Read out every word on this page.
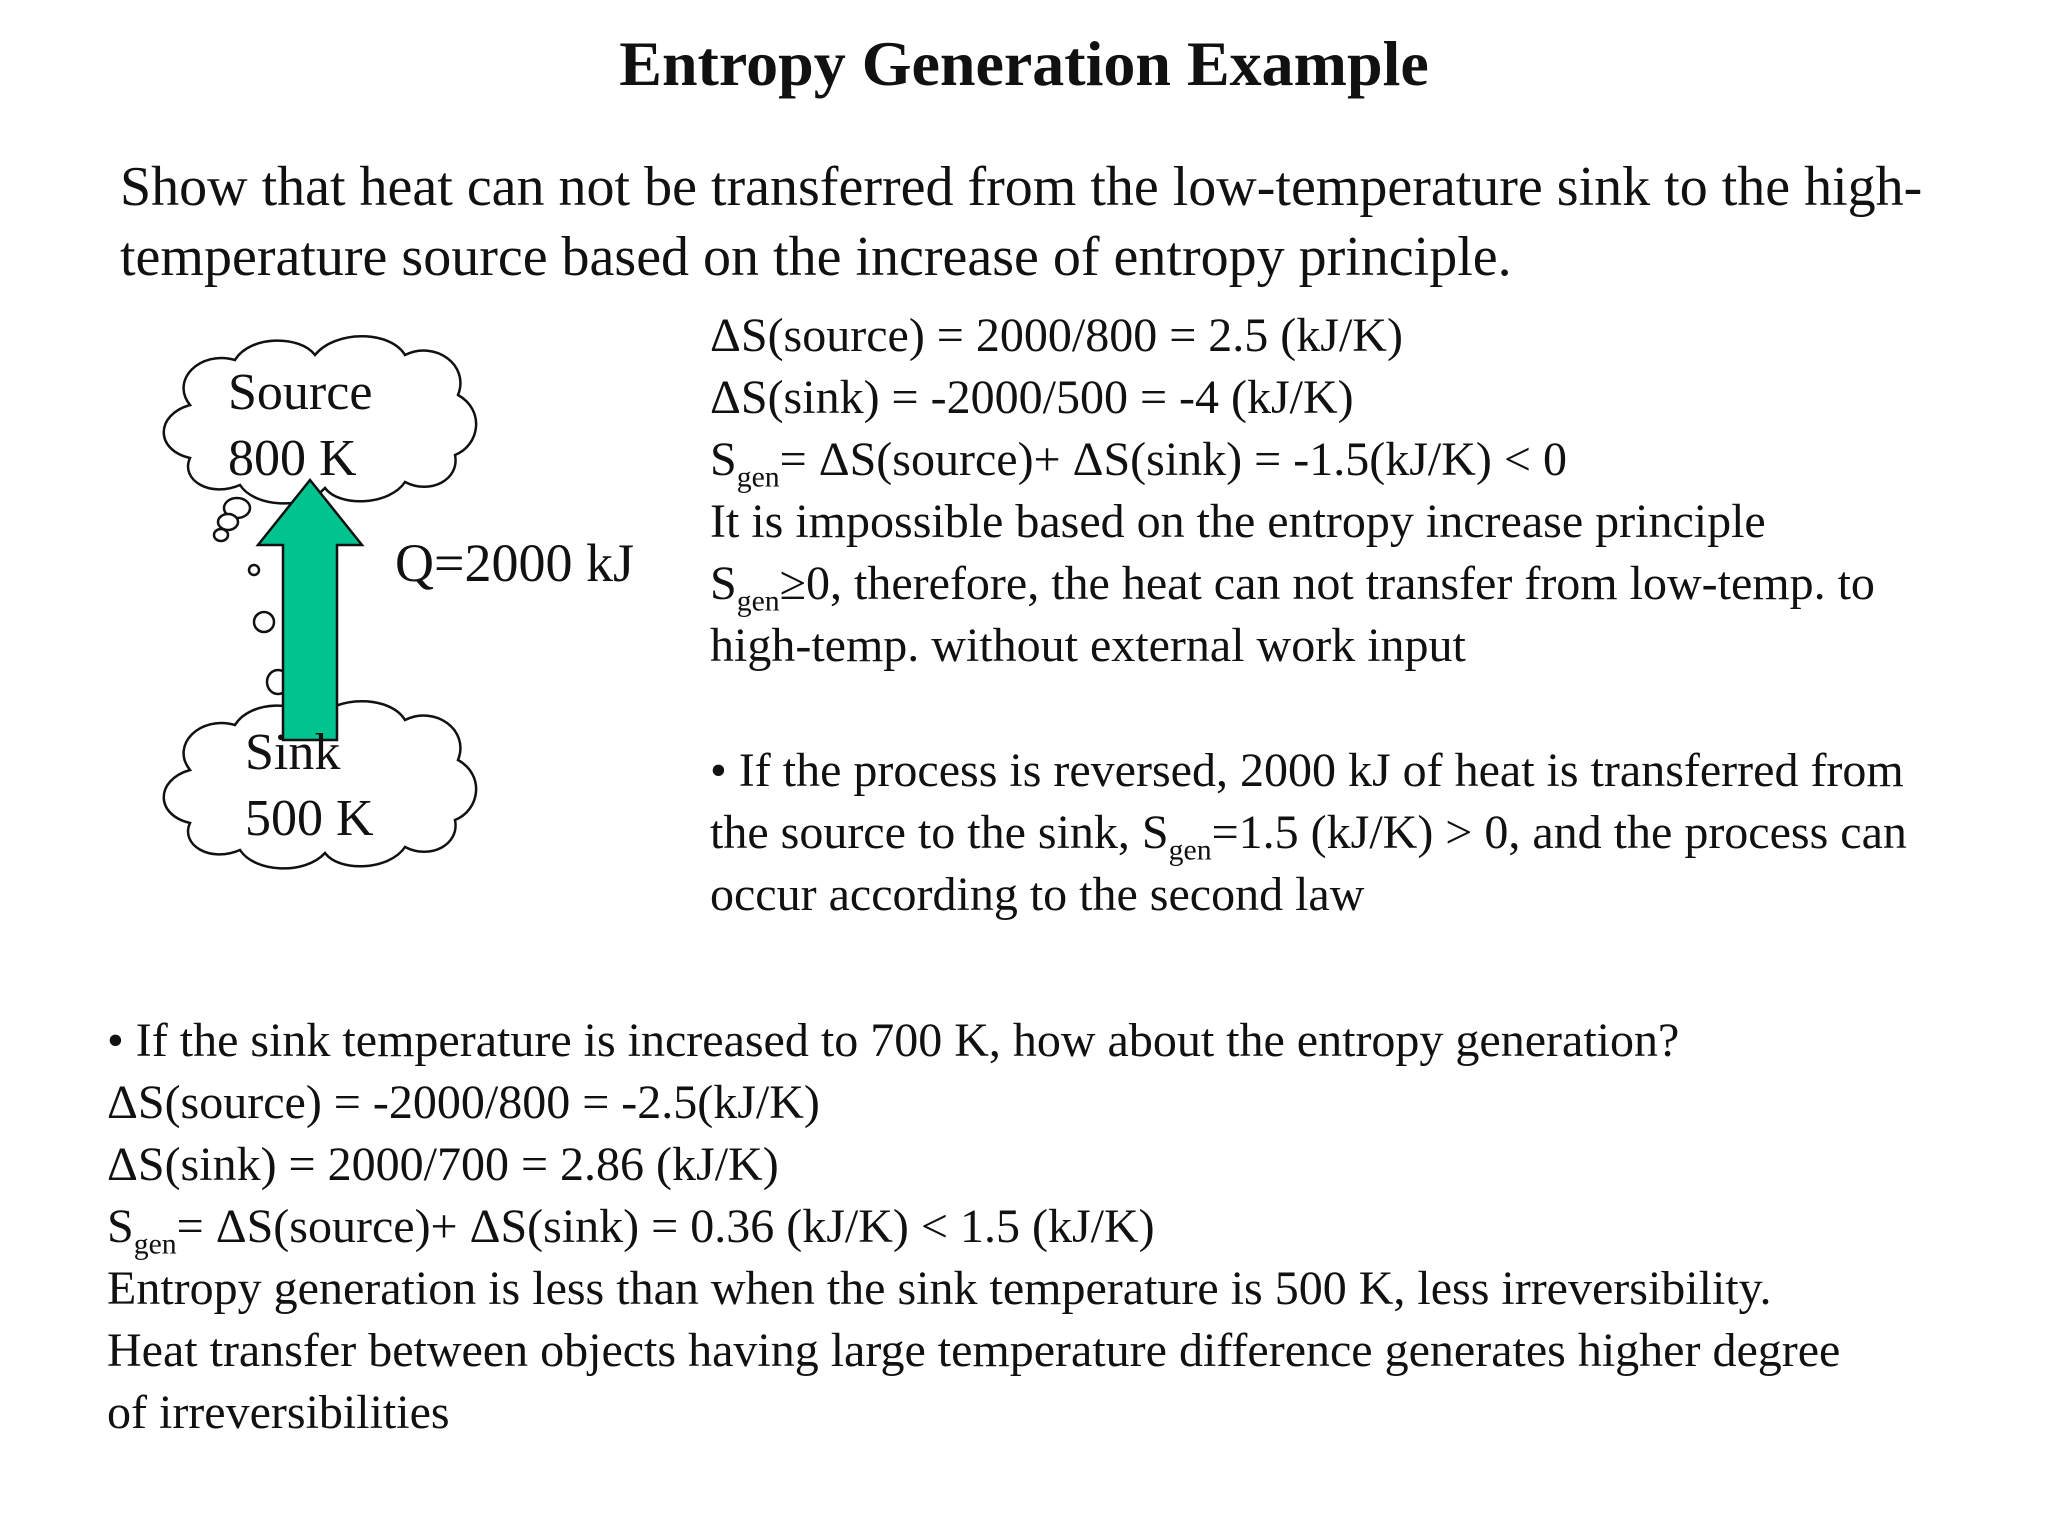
Entropy Generation Example
Show that heat can not be transferred from the low-temperature sink to the high-
temperature source based on the increase of entropy principle.
Source
800 K
Sink
500 K
Q=2000 kJ
ΔS(source) = 2000/800 = 2.5 (kJ/K)
ΔS(sink) = -2000/500 = -4 (kJ/K)
$S_{gen}=$ ΔS(source)+ ΔS(sink) = -1.5(kJ/K) < 0
It is impossible based on the entropy increase principle
$S_{gen}\ge 0$, therefore, the heat can not transfer from low-temp. to
high-temp. without external work input
• If the process is reversed, 2000 kJ of heat is transferred from
the source to the sink, $S_{gen}=1.5$ (kJ/K) > 0, and the process can
occur according to the second law
• If the sink temperature is increased to 700 K, how about the entropy generation?
ΔS(source) = -2000/800 = -2.5(kJ/K)
ΔS(sink) = 2000/700 = 2.86 (kJ/K)
$S_{gen}=$ ΔS(source)+ ΔS(sink) = 0.36 (kJ/K) < 1.5 (kJ/K)
Entropy generation is less than when the sink temperature is 500 K, less irreversibility.
Heat transfer between objects having large temperature difference generates higher degree
of irreversibilities
